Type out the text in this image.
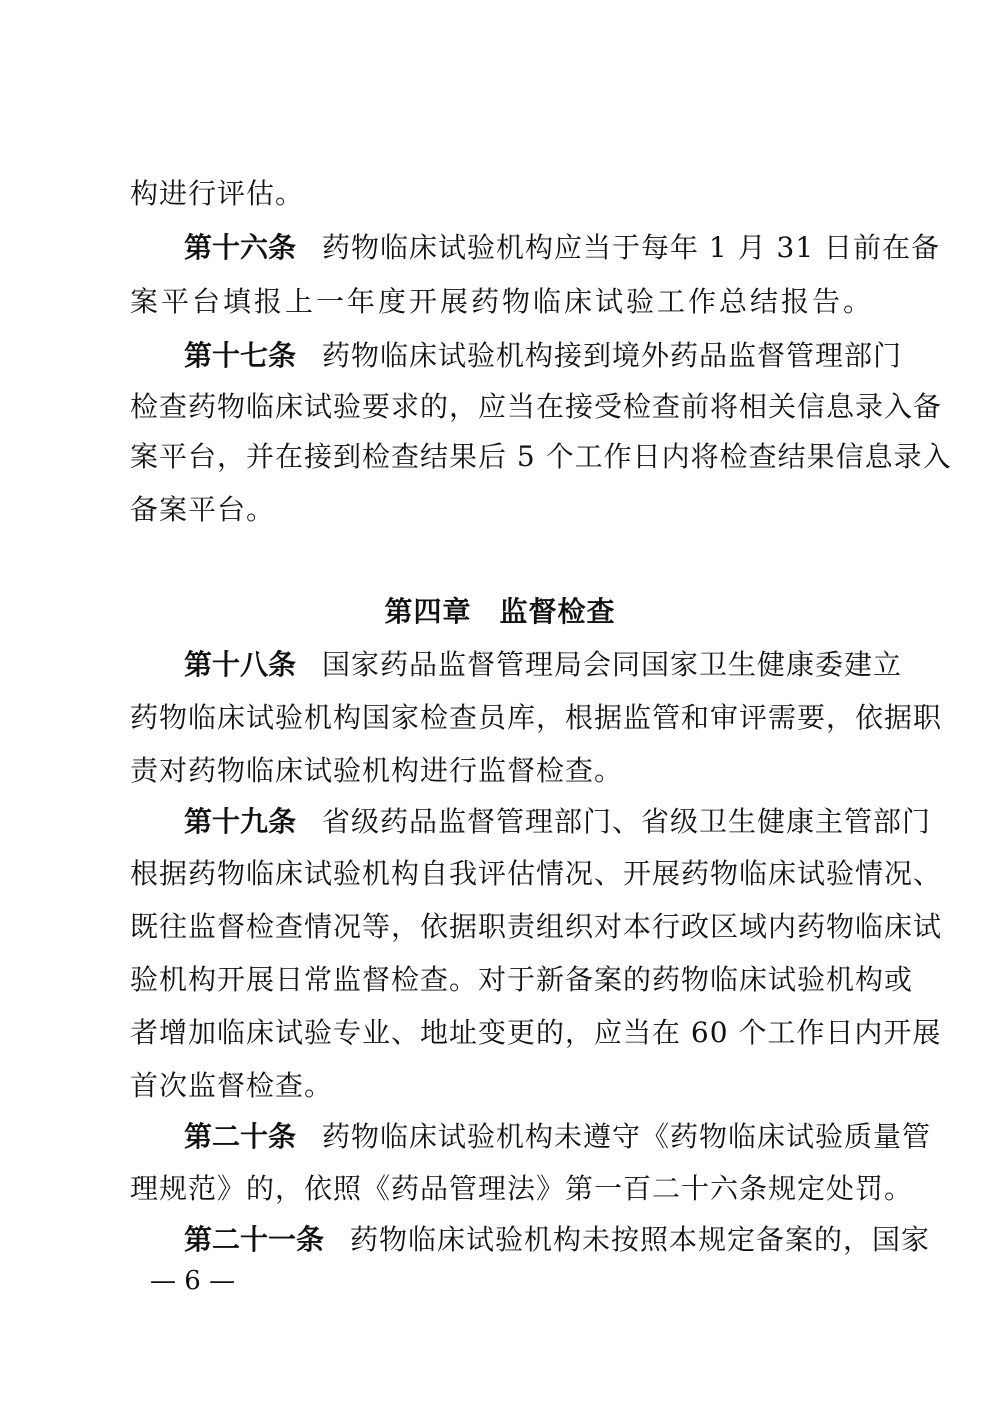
构进行评估。
第十六条 药物临床试验机构应当于每年 1 月 31 日前在备
案平台填报上一年度开展药物临床试验工作总结报告。
第十七条 药物临床试验机构接到境外药品监督管理部门
检查药物临床试验要求的，应当在接受检查前将相关信息录入备
案平台，并在接到检查结果后 5 个工作日内将检查结果信息录入
备案平台。
第四章 监督检查
第十八条 国家药品监督管理局会同国家卫生健康委建立
药物临床试验机构国家检查员库，根据监管和审评需要，依据职
责对药物临床试验机构进行监督检查。
第十九条 省级药品监督管理部门、省级卫生健康主管部门
根据药物临床试验机构自我评估情况、开展药物临床试验情况、
既往监督检查情况等，依据职责组织对本行政区域内药物临床试
验机构开展日常监督检查。对于新备案的药物临床试验机构或
者增加临床试验专业、地址变更的，应当在 60 个工作日内开展
首次监督检查。
第二十条 药物临床试验机构未遵守《药物临床试验质量管
理规范》的，依照《药品管理法》第一百二十六条规定处罚。
第二十一条 药物临床试验机构未按照本规定备案的，国家
— 6 —
